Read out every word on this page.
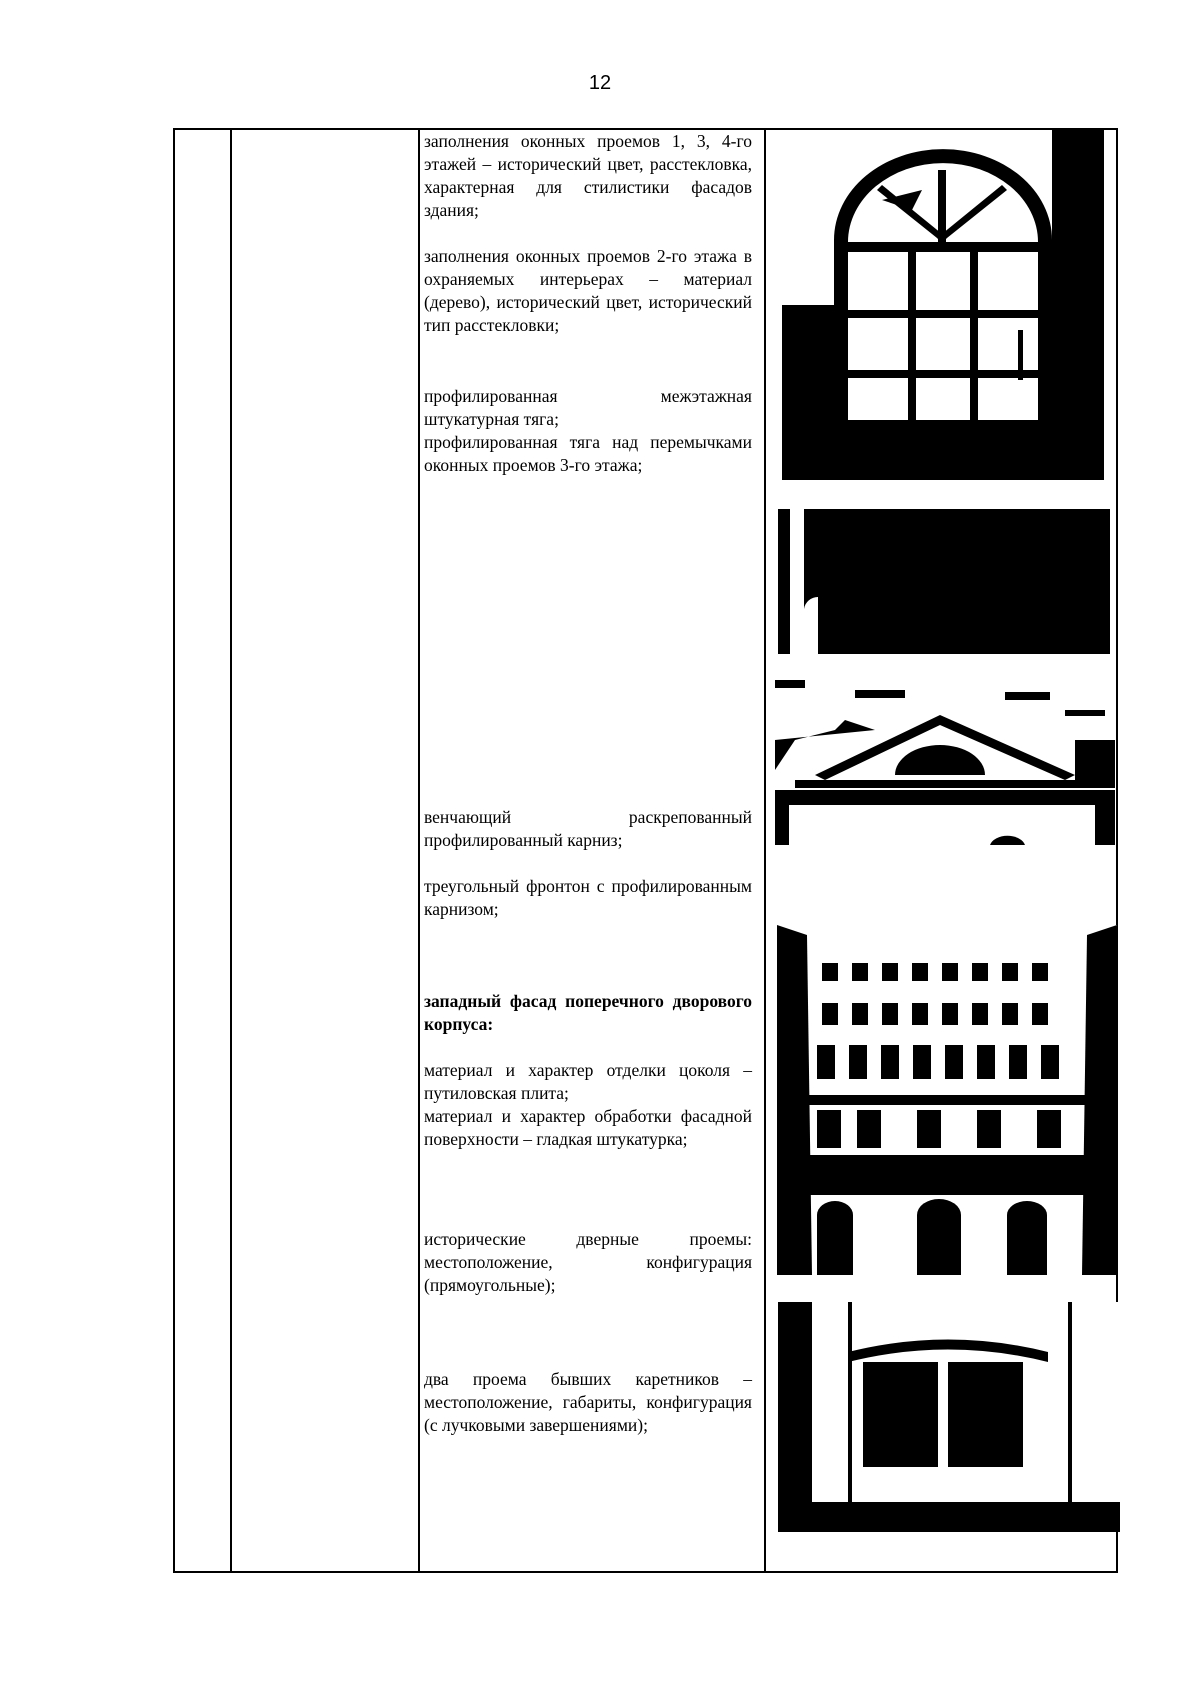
12

заполнения оконных проемов 1, 3, 4-го этажей – исторический цвет, расстекловка, характерная для стилистики фасадов здания;

заполнения оконных проемов 2-го этажа в охраняемых интерьерах – материал (дерево), исторический цвет, исторический тип расстекловки;

профилированная межэтажная штукатурная тяга;

профилированная тяга над перемычками оконных проемов 3-го этажа;

венчающий раскрепованный профилированный карниз;

треугольный фронтон с профилированным карнизом;

западный фасад поперечного дворового корпуса:

материал и характер отделки цоколя – путиловская плита;

материал и характер обработки фасадной поверхности – гладкая штукатурка;

исторические дверные проемы: местоположение, конфигурация (прямоугольные);

два проема бывших каретников – местоположение, габариты, конфигурация (с лучковыми завершениями);
